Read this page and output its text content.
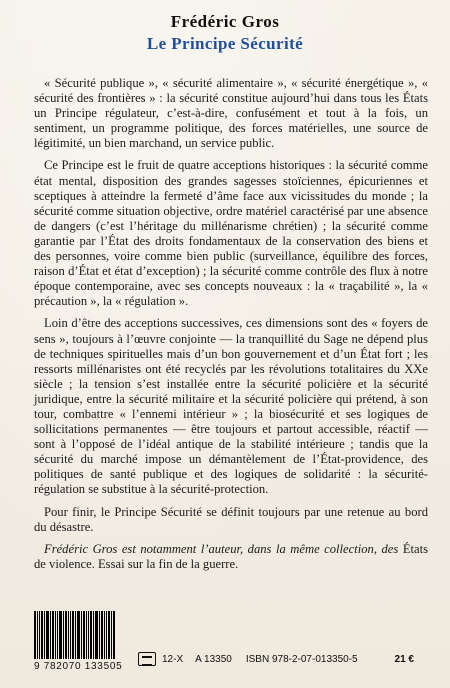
Frédéric Gros
Le Principe Sécurité

« Sécurité publique », « sécurité alimentaire », « sécurité énergétique », « sécurité des frontières » : la sécurité constitue aujourd’hui dans tous les États un Principe régulateur, c’est-à-dire, confusément et tout à la fois, un sentiment, un programme politique, des forces matérielles, une source de légitimité, un bien marchand, un service public.

Ce Principe est le fruit de quatre acceptions historiques : la sécurité comme état mental, disposition des grandes sagesses stoïciennes, épicuriennes et sceptiques à atteindre la fermeté d’âme face aux vicissitudes du monde ; la sécurité comme situation objective, ordre matériel caractérisé par une absence de dangers (c’est l’héritage du millénarisme chrétien) ; la sécurité comme garantie par l’État des droits fondamentaux de la conservation des biens et des personnes, voire comme bien public (surveillance, équilibre des forces, raison d’État et état d’exception) ; la sécurité comme contrôle des flux à notre époque contemporaine, avec ses concepts nouveaux : la « traçabilité », la « précaution », la « régulation ».

Loin d’être des acceptions successives, ces dimensions sont des « foyers de sens », toujours à l’œuvre conjointe — la tranquillité du Sage ne dépend plus de techniques spirituelles mais d’un bon gouvernement et d’un État fort ; les ressorts millénaristes ont été recyclés par les révolutions totalitaires du XXe siècle ; la tension s’est installée entre la sécurité policière et la sécurité juridique, entre la sécurité militaire et la sécurité policière qui prétend, à son tour, combattre « l’ennemi intérieur » ; la biosécurité et ses logiques de sollicitations permanentes — être toujours et partout accessible, réactif — sont à l’opposé de l’idéal antique de la stabilité intérieure ; tandis que la sécurité du marché impose un démantèlement de l’État-providence, des politiques de santé publique et des logiques de solidarité : la sécurité-régulation se substitue à la sécurité-protection.

Pour finir, le Principe Sécurité se définit toujours par une retenue au bord du désastre.

Frédéric Gros est notamment l’auteur, dans la même collection, des États de violence. Essai sur la fin de la guerre.

9 782070 133505
12-X A 13350 ISBN 978-2-07-013350-5	21 €
